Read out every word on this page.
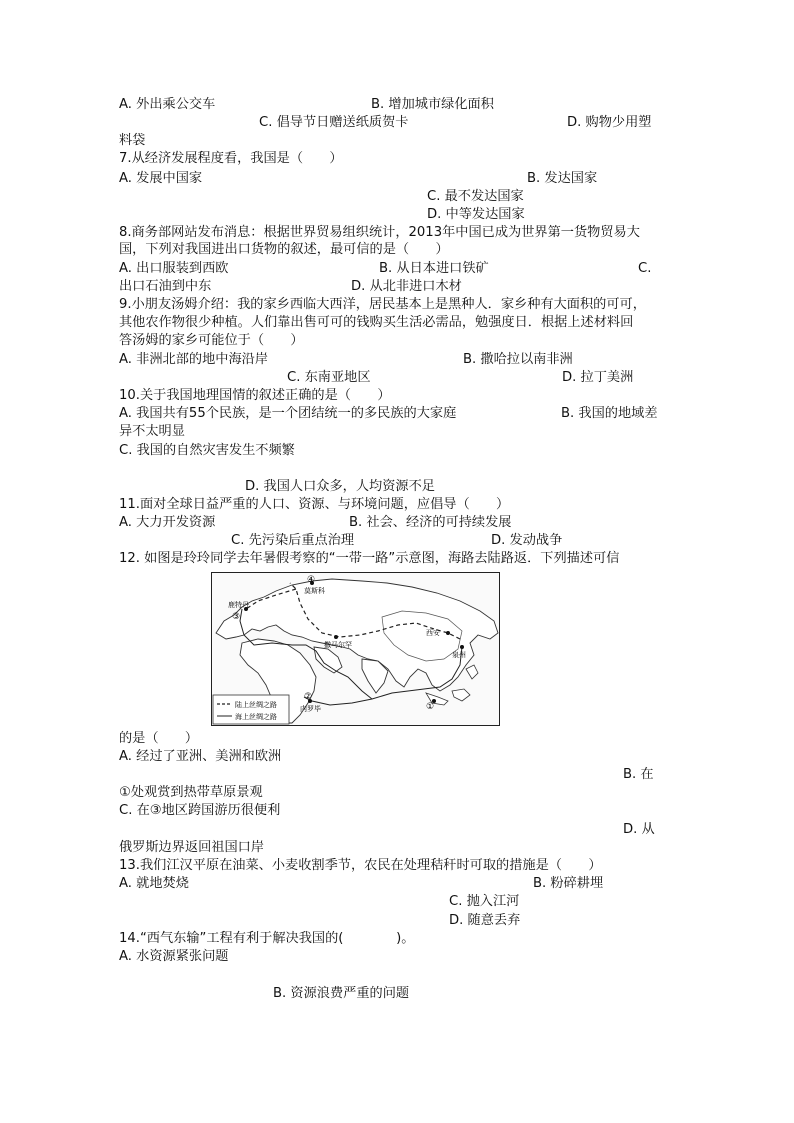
A. 外出乘公交车	B. 增加城市绿化面积
C. 倡导节日赠送纸质贺卡	D. 购物少用塑
料袋
7.从经济发展程度看，我国是（　　）
A. 发展中国家	B. 发达国家
C. 最不发达国家
D. 中等发达国家
8.商务部网站发布消息：根据世界贸易组织统计，2013年中国已成为世界第一货物贸易大
国，下列对我国进出口货物的叙述，最可信的是（　　）
A. 出口服装到西欧	B. 从日本进口铁矿	C.
出口石油到中东	D. 从北非进口木材
9.小朋友汤姆介绍：我的家乡西临大西洋，居民基本上是黑种人．家乡种有大面积的可可，
其他农作物很少种植。人们靠出售可可的钱购买生活必需品，勉强度日．根据上述材料回
答汤姆的家乡可能位于（　　）
A. 非洲北部的地中海沿岸	B. 撒哈拉以南非洲
C. 东南亚地区	D. 拉丁美洲
10.关于我国地理国情的叙述正确的是（　　）
A. 我国共有55个民族，是一个团结统一的多民族的大家庭	B. 我国的地域差
异不太明显
C. 我国的自然灾害发生不频繁
D. 我国人口众多，人均资源不足
11.面对全球日益严重的人口、资源、与环境问题，应倡导（　　）
A. 大力开发资源	B. 社会、经济的可持续发展
C. 先污染后重点治理	D. 发动战争
12. 如图是玲玲同学去年暑假考察的“一带一路”示意图，海路去陆路返．下列描述可信
④
莫斯科
鹿特丹
③
撒马尔罕
西安
泉州
②
内罗毕	①
陆上丝绸之路
海上丝绸之路
的是（　　）
A. 经过了亚洲、美洲和欧洲
B. 在
①处观赏到热带草原景观
C. 在③地区跨国游历很便利
D. 从
俄罗斯边界返回祖国口岸
13.我们江汉平原在油菜、小麦收割季节，农民在处理秸秆时可取的措施是（　　）
A. 就地焚烧	B. 粉碎耕埋
C. 抛入江河
D. 随意丢弃
14.“西气东输”工程有利于解决我国的(　　　　)。
A. 水资源紧张问题
B. 资源浪费严重的问题
